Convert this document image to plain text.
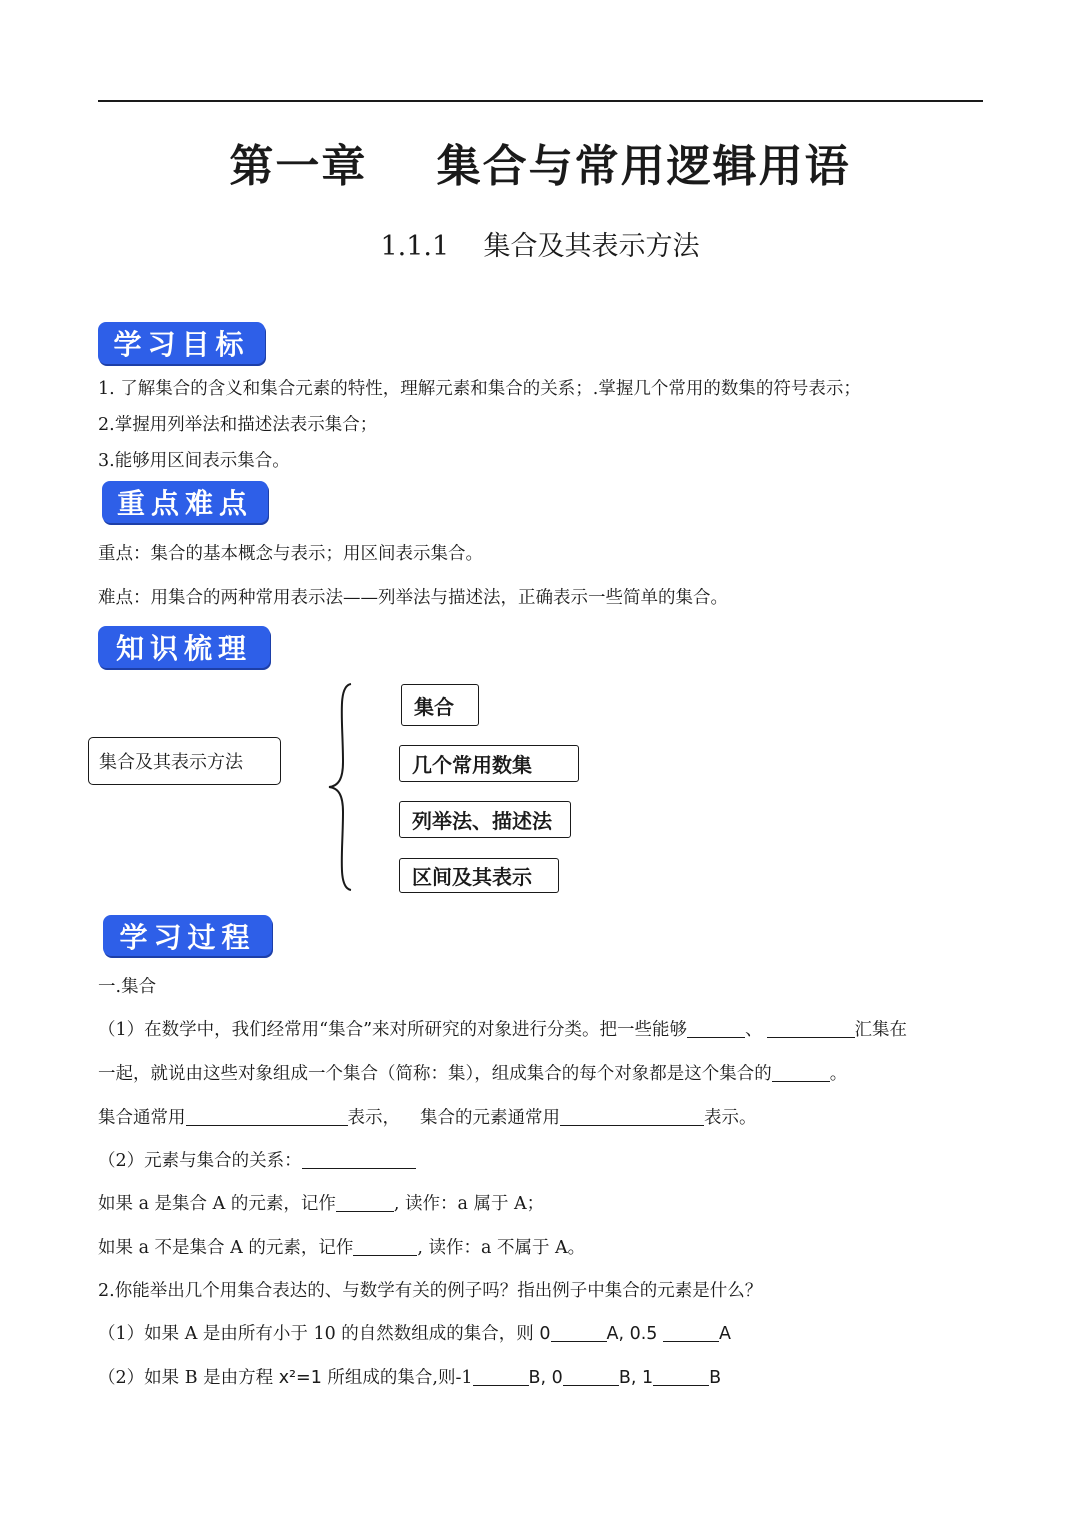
第一章    集合与常用逻辑用语
1.1.1    集合及其表示方法
学习目标
1. 了解集合的含义和集合元素的特性，理解元素和集合的关系；.掌握几个常用的数集的符号表示；
2.掌握用列举法和描述法表示集合；
3.能够用区间表示集合。
重点难点
重点：集合的基本概念与表示；用区间表示集合。
难点：用集合的两种常用表示法——列举法与描述法，正确表示一些简单的集合。
知识梳理
集合及其表示方法
集合
几个常用数集
列举法、描述法
区间及其表示
学习过程
一.集合
（1）在数学中，我们经常用“集合”来对所研究的对象进行分类。把一些能够	、	汇集在
一起，就说由这些对象组成一个集合（简称：集），组成集合的每个对象都是这个集合的	。
集合通常用	表示， 集合的元素通常用	表示。
（2）元素与集合的关系：
如果 a 是集合 A 的元素，记作	, 读作：a 属于 A；
如果 a 不是集合 A 的元素，记作	, 读作：a 不属于 A。
2.你能举出几个用集合表达的、与数学有关的例子吗？指出例子中集合的元素是什么？
（1）如果 A 是由所有小于 10 的自然数组成的集合，则 0	A, 0.5	A
（2）如果 B 是由方程 x²=1 所组成的集合,则-1	B, 0	B, 1	B
